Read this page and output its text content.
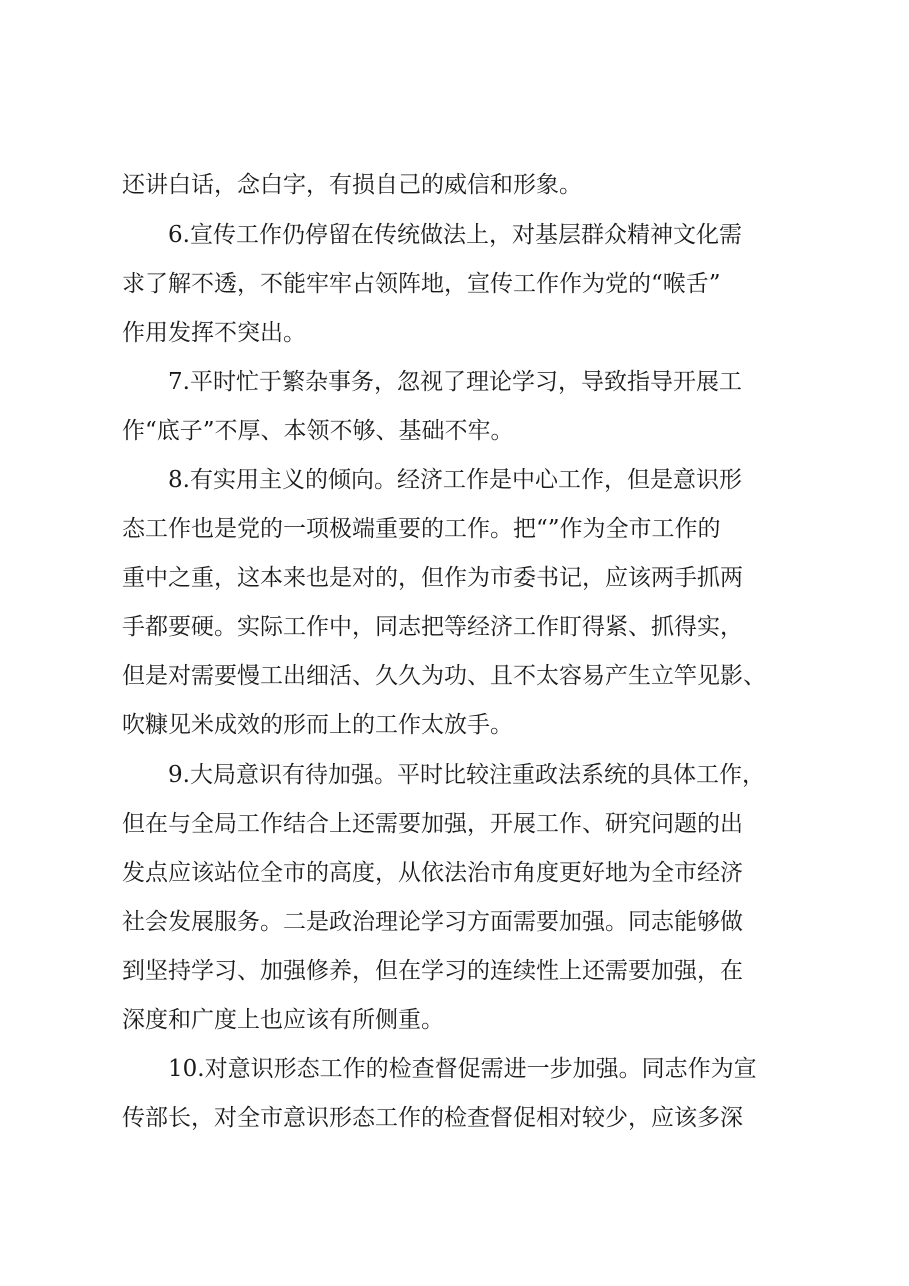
还讲白话，念白字，有损自己的威信和形象。

6.宣传工作仍停留在传统做法上，对基层群众精神文化需

求了解不透，不能牢牢占领阵地，宣传工作作为党的“喉舌”

作用发挥不突出。

7.平时忙于繁杂事务，忽视了理论学习，导致指导开展工

作“底子”不厚、本领不够、基础不牢。

8.有实用主义的倾向。经济工作是中心工作，但是意识形

态工作也是党的一项极端重要的工作。把“”作为全市工作的

重中之重，这本来也是对的，但作为市委书记，应该两手抓两

手都要硬。实际工作中，同志把等经济工作盯得紧、抓得实，

但是对需要慢工出细活、久久为功、且不太容易产生立竿见影、

吹糠见米成效的形而上的工作太放手。

9.大局意识有待加强。平时比较注重政法系统的具体工作，

但在与全局工作结合上还需要加强，开展工作、研究问题的出

发点应该站位全市的高度，从依法治市角度更好地为全市经济

社会发展服务。二是政治理论学习方面需要加强。同志能够做

到坚持学习、加强修养，但在学习的连续性上还需要加强，在

深度和广度上也应该有所侧重。

10.对意识形态工作的检查督促需进一步加强。同志作为宣

传部长，对全市意识形态工作的检查督促相对较少，应该多深
